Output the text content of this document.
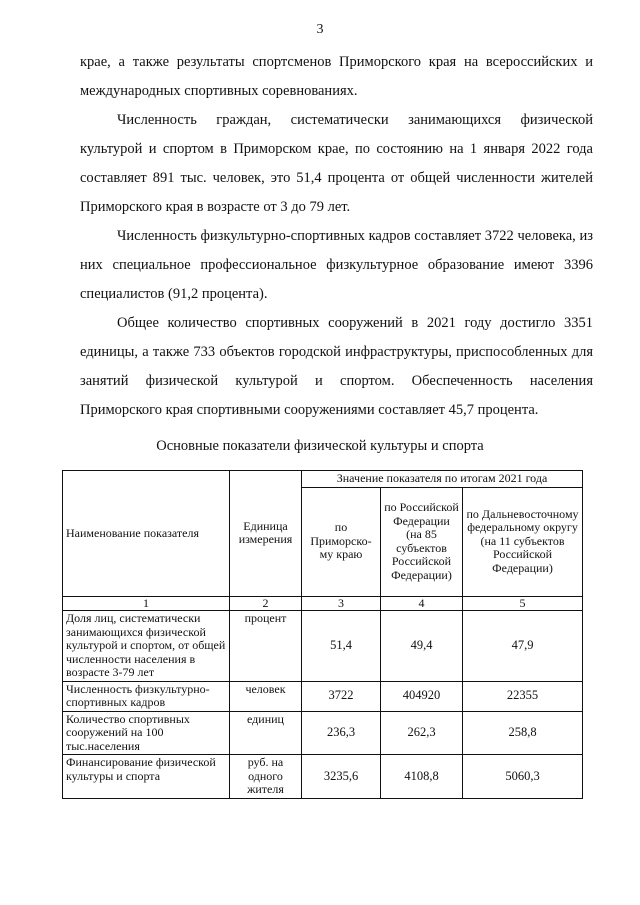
3

крае, а также результаты спортсменов Приморского края на всероссийских и международных спортивных соревнованиях.

Численность граждан, систематически занимающихся физической культурой и спортом в Приморском крае, по состоянию на 1 января 2022 года составляет 891 тыс. человек, это 51,4 процента от общей численности жителей Приморского края в возрасте от 3 до 79 лет.

Численность физкультурно-спортивных кадров составляет 3722 человека, из них специальное профессиональное физкультурное образование имеют 3396 специалистов (91,2 процента).

Общее количество спортивных сооружений в 2021 году достигло 3351 единицы, а также 733 объектов городской инфраструктуры, приспособленных для занятий физической культурой и спортом. Обеспеченность населения Приморского края спортивными сооружениями составляет 45,7 процента.

Основные показатели физической культуры и спорта
Наименование показателя	Единица измерения	Значение показателя по итогам 2021 года		
		по Приморско-му краю	по Российской Федерации (на 85 субъектов Российской Федерации)	по Дальневосточному федеральному округу (на 11 субъектов Российской Федерации)
1	2	3	4	5
Доля лиц, систематически занимающихся физической культурой и спортом, от общей численности населения в возрасте 3-79 лет	процент	51,4	49,4	47,9
Численность физкультурно-спортивных кадров	человек	3722	404920	22355
Количество спортивных сооружений на 100 тыс.населения	единиц	236,3	262,3	258,8
Финансирование физической культуры и спорта	руб. на одного жителя	3235,6	4108,8	5060,3
